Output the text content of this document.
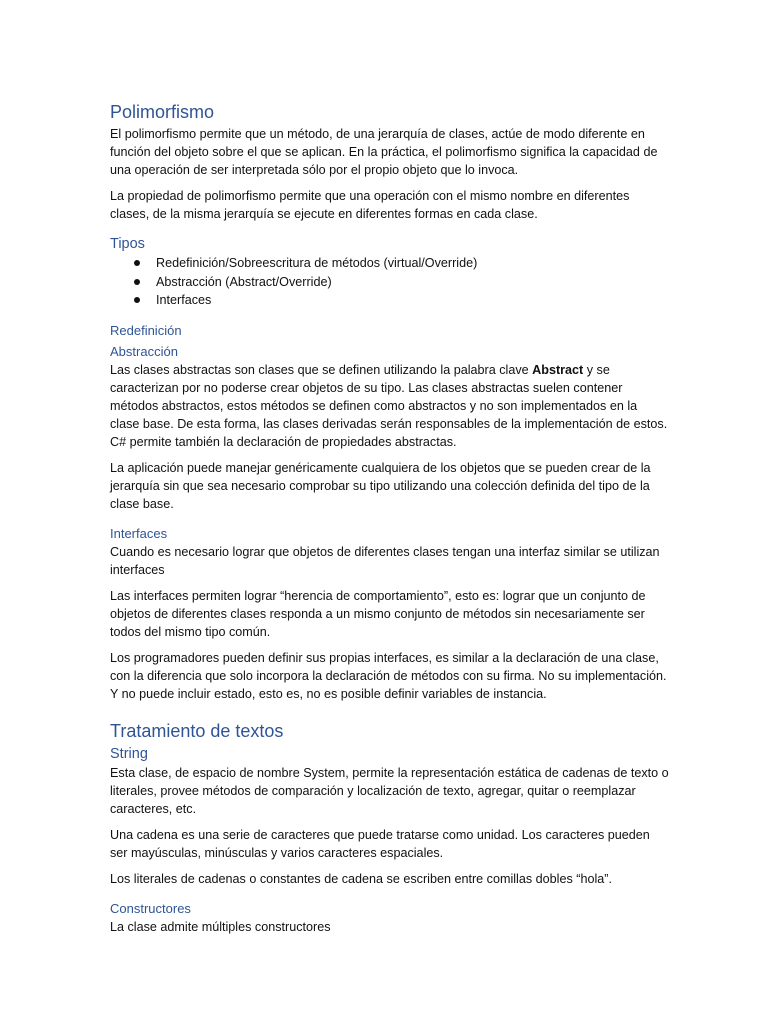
Polimorfismo

El polimorfismo permite que un método, de una jerarquía de clases, actúe de modo diferente en función del objeto sobre el que se aplican. En la práctica, el polimorfismo significa la capacidad de una operación de ser interpretada sólo por el propio objeto que lo invoca.

La propiedad de polimorfismo permite que una operación con el mismo nombre en diferentes clases, de la misma jerarquía se ejecute en diferentes formas en cada clase.

Tipos
Redefinición/Sobreescritura de métodos (virtual/Override)
Abstracción (Abstract/Override)
Interfaces
Redefinición
Abstracción

Las clases abstractas son clases que se definen utilizando la palabra clave Abstract y se caracterizan por no poderse crear objetos de su tipo. Las clases abstractas suelen contener métodos abstractos, estos métodos se definen como abstractos y no son implementados en la clase base. De esta forma, las clases derivadas serán responsables de la implementación de estos. C# permite también la declaración de propiedades abstractas.

La aplicación puede manejar genéricamente cualquiera de los objetos que se pueden crear de la jerarquía sin que sea necesario comprobar su tipo utilizando una colección definida del tipo de la clase base.

Interfaces

Cuando es necesario lograr que objetos de diferentes clases tengan una interfaz similar se utilizan interfaces

Las interfaces permiten lograr “herencia de comportamiento”, esto es: lograr que un conjunto de objetos de diferentes clases responda a un mismo conjunto de métodos sin necesariamente ser todos del mismo tipo común.

Los programadores pueden definir sus propias interfaces, es similar a la declaración de una clase, con la diferencia que solo incorpora la declaración de métodos con su firma. No su implementación. Y no puede incluir estado, esto es, no es posible definir variables de instancia.

Tratamiento de textos
String

Esta clase, de espacio de nombre System, permite la representación estática de cadenas de texto o literales, provee métodos de comparación y localización de texto, agregar, quitar o reemplazar caracteres, etc.

Una cadena es una serie de caracteres que puede tratarse como unidad. Los caracteres pueden ser mayúsculas, minúsculas y varios caracteres espaciales.

Los literales de cadenas o constantes de cadena se escriben entre comillas dobles “hola”.

Constructores

La clase admite múltiples constructores
